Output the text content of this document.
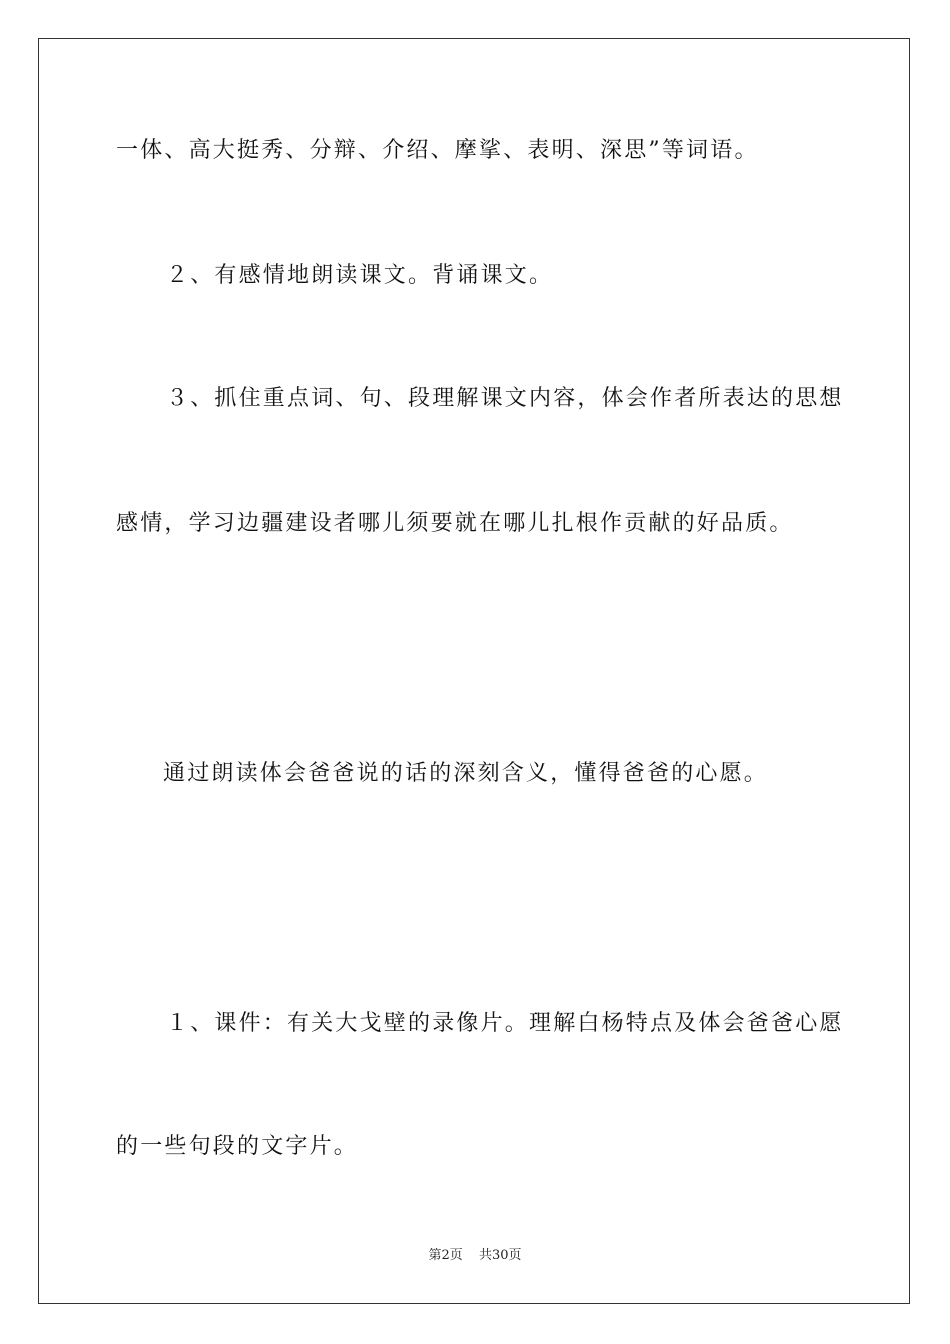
一体、高大挺秀、分辩、介绍、摩挲、表明、深思”等词语。
２、有感情地朗读课文。背诵课文。
３、抓住重点词、句、段理解课文内容，体会作者所表达的思想
感情，学习边疆建设者哪儿须要就在哪儿扎根作贡献的好品质。
通过朗读体会爸爸说的话的深刻含义，懂得爸爸的心愿。
１、课件：有关大戈壁的录像片。理解白杨特点及体会爸爸心愿
的一些句段的文字片。
第2页 共30页
